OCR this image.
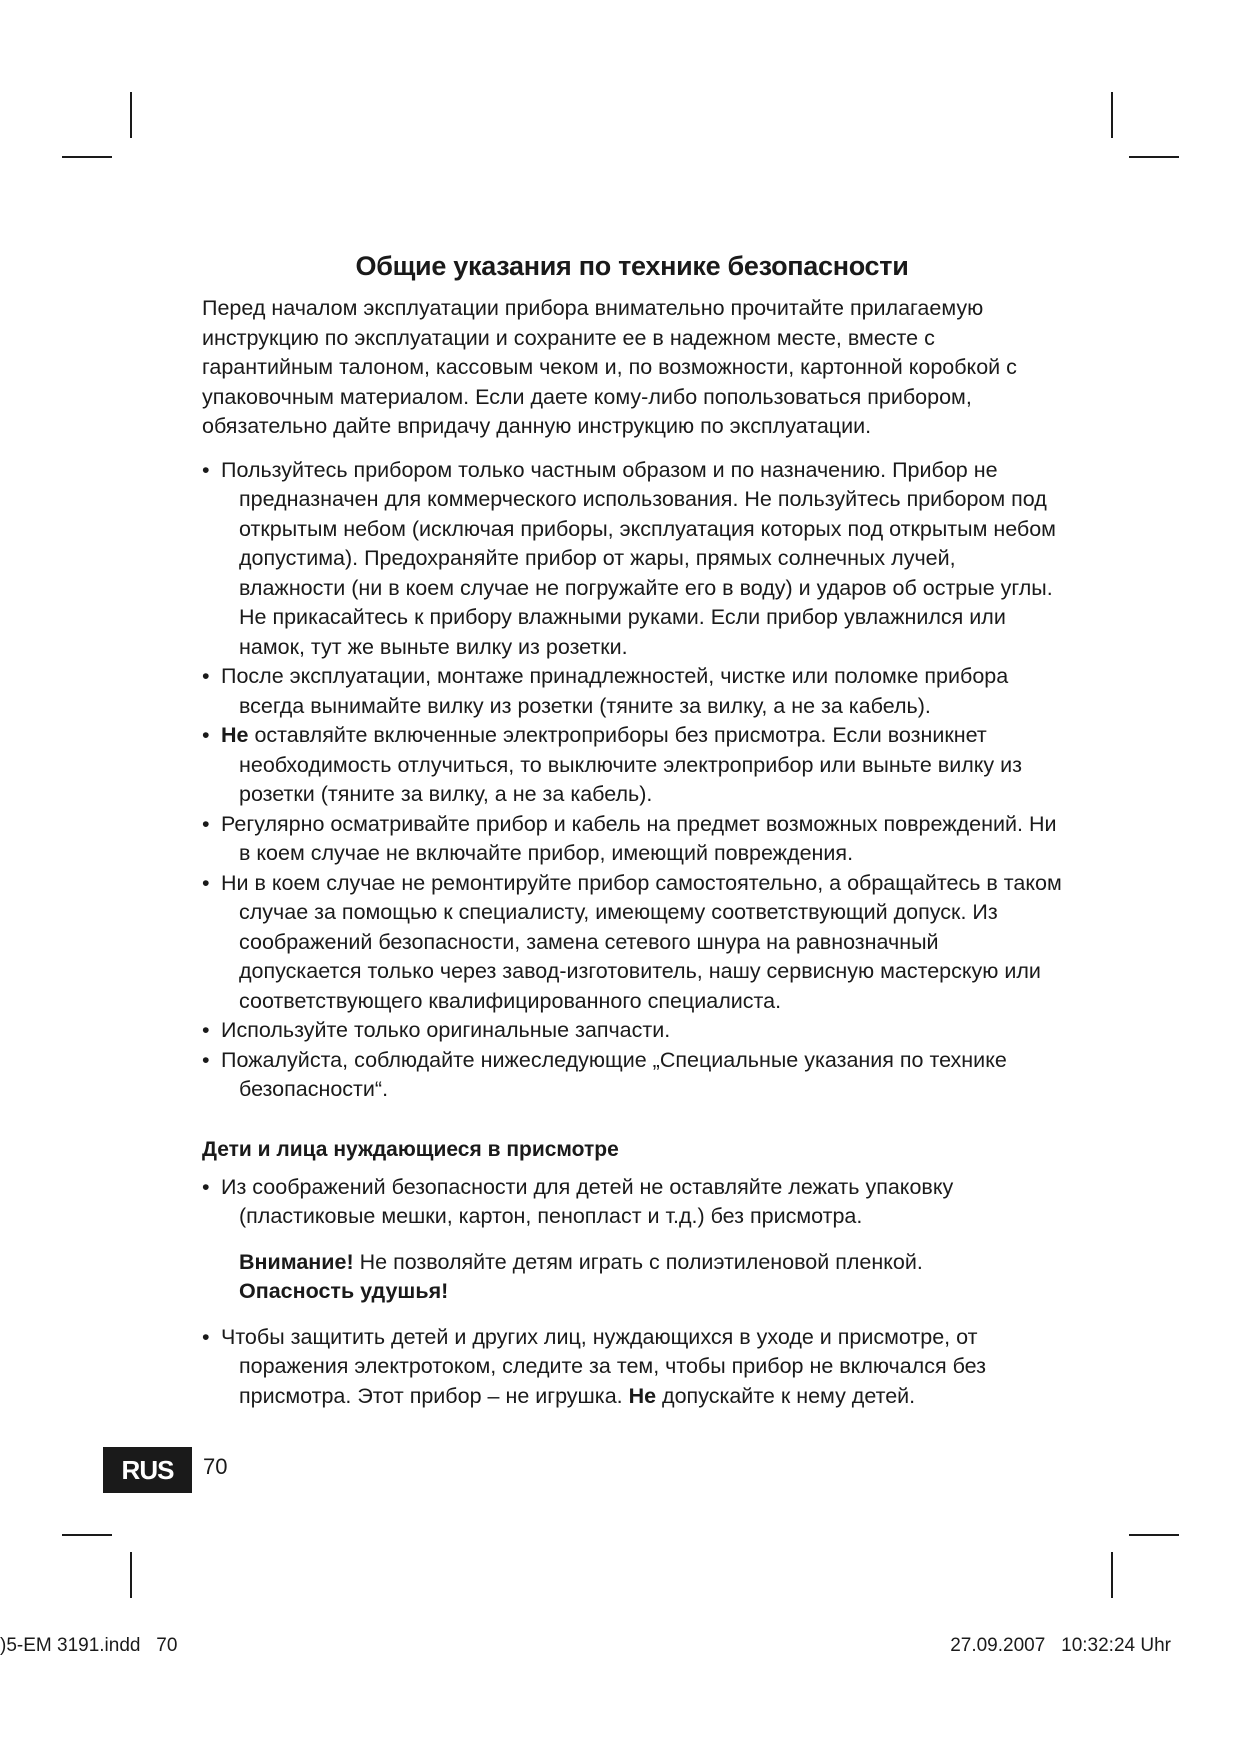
Общие указания по технике безопасности

Перед началом эксплуатации прибора внимательно прочитайте прилагаемую инструкцию по эксплуатации и сохраните ее в надежном месте, вместе с гарантийным талоном, кассовым чеком и, по возможности, картонной коробкой с упаковочным материалом. Если даете кому-либо попользоваться прибором, обязательно дайте впридачу данную инструкцию по эксплуатации.

• Пользуйтесь прибором только частным образом и по назначению. Прибор не предназначен для коммерческого использования. Не пользуйтесь прибором под открытым небом (исключая приборы, эксплуатация которых под открытым небом допустима). Предохраняйте прибор от жары, прямых солнечных лучей, влажности (ни в коем случае не погружайте его в воду) и ударов об острые углы. Не прикасайтесь к прибору влажными руками. Если прибор увлажнился или намок, тут же выньте вилку из розетки.
• После эксплуатации, монтаже принадлежностей, чистке или поломке прибора всегда вынимайте вилку из розетки (тяните за вилку, а не за кабель).
• Не оставляйте включенные электроприборы без присмотра. Если возникнет необходимость отлучиться, то выключите электроприбор или выньте вилку из розетки (тяните за вилку, а не за кабель).
• Регулярно осматривайте прибор и кабель на предмет возможных повреждений. Ни в коем случае не включайте прибор, имеющий повреждения.
• Ни в коем случае не ремонтируйте прибор самостоятельно, а обращайтесь в таком случае за помощью к специалисту, имеющему соответствующий допуск. Из соображений безопасности, замена сетевого шнура на равнозначный допускается только через завод-изготовитель, нашу сервисную мастерскую или соответствующего квалифицированного специалиста.
• Используйте только оригинальные запчасти.
• Пожалуйста, соблюдайте нижеследующие „Специальные указания по технике безопасности“.
Дети и лица нуждающиеся в присмотре
• Из соображений безопасности для детей не оставляйте лежать упаковку (пластиковые мешки, картон, пенопласт и т.д.) без присмотра.

Внимание! Не позволяйте детям играть с полиэтиленовой пленкой. Опасность удушья!

• Чтобы защитить детей и других лиц, нуждающихся в уходе и присмотре, от поражения электротоком, следите за тем, чтобы прибор не включался без присмотра. Этот прибор – не игрушка. Не допускайте к нему детей.
RUS	70
)5-EM 3191.indd   70	27.09.2007   10:32:24 Uhr
